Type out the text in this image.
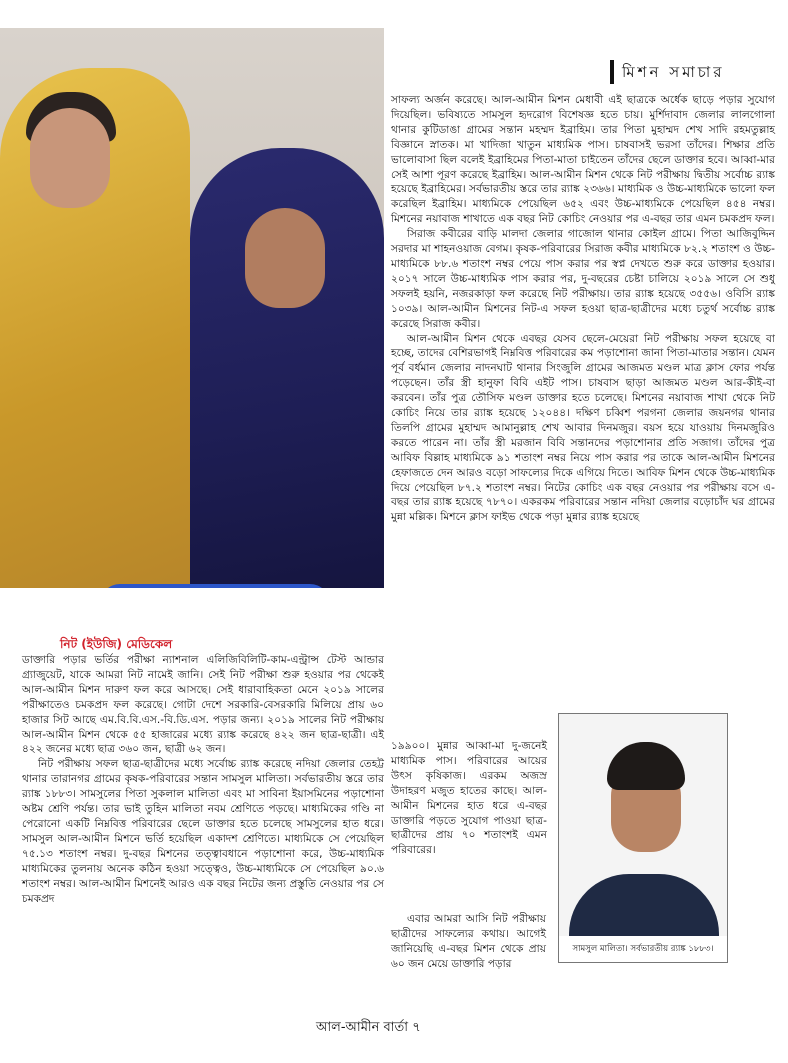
মিশন সমাচার

সাফল্য অর্জন করেছে। আল-আমীন মিশন মেধাবী এই ছাত্রকে অর্ধেক ছাড়ে পড়ার সুযোগ দিয়েছিল। ভবিষ্যতে সামসুল হৃদরোগ বিশেষজ্ঞ হতে চায়। মুর্শিদাবাদ জেলার লালগোলা থানার কুটিডাঙা গ্রামের সন্তান মহম্মদ ইব্রাহিম। তার পিতা মুহাম্মদ শেখ সাদি রহমতুল্লাহ বিজ্ঞানে স্নাতক। মা খাদিজা খাতুন মাধ্যমিক পাস। চাষবাসই ভরসা তাঁদের। শিক্ষার প্রতি ভালোবাসা ছিল বলেই ইব্রাহিমের পিতা-মাতা চাইতেন তাঁদের ছেলে ডাক্তার হবে। আব্বা-মার সেই আশা পূরণ করেছে ইব্রাহিম। আল-আমীন মিশন থেকে নিট পরীক্ষায় দ্বিতীয় সর্বোচ্চ র‍্যাঙ্ক হয়েছে ইব্রাহিমের। সর্বভারতীয় স্তরে তার র‍্যাঙ্ক ২৩৬৬। মাধ্যমিক ও উচ্চ-মাধ্যমিকে ভালো ফল করেছিল ইব্রাহিম। মাধ্যমিকে পেয়েছিল ৬৫২ এবং উচ্চ-মাধ্যমিকে পেয়েছিল ৪৫৪ নম্বর। মিশনের নয়াবাজ শাখাতে এক বছর নিট কোচিং নেওয়ার পর এ-বছর তার এমন চমকপ্রদ ফল।

সিরাজ কবীরের বাড়ি মালদা জেলার গাজোল থানার কোইল গ্রামে। পিতা আজিবুদ্দিন সরদার মা শাহনওয়াজ বেগম। কৃষক-পরিবারের সিরাজ কবীর মাধ্যমিকে ৮২.২ শতাংশ ও উচ্চ-মাধ্যমিকে ৮৮.৬ শতাংশ নম্বর পেয়ে পাস করার পর স্বপ্ন দেখতে শুরু করে ডাক্তার হওয়ার। ২০১৭ সালে উচ্চ-মাধ্যমিক পাস করার পর, দু-বছরের চেষ্টা চালিয়ে ২০১৯ সালে সে শুধু সফলই হয়নি, নজরকাড়া ফল করেছে নিট পরীক্ষায়। তার র‍্যাঙ্ক হয়েছে ৩৫৫৬। ওবিসি র‍্যাঙ্ক ১০৩৯। আল-আমীন মিশনের নিট-এ সফল হওয়া ছাত্র-ছাত্রীদের মধ্যে চতুর্থ সর্বোচ্চ র‍্যাঙ্ক করেছে সিরাজ কবীর।

আল-আমীন মিশন থেকে এবছর যেসব ছেলে-মেয়েরা নিট পরীক্ষায় সফল হয়েছে বা হচ্ছে, তাদের বেশিরভাগই নিম্নবিত্ত পরিবারের কম পড়াশোনা জানা পিতা-মাতার সন্তান। যেমন পূর্ব বর্ধমান জেলার নাদনঘাট থানার সিংজুলি গ্রামের আজমত মণ্ডল মাত্র ক্লাস ফোর পর্যন্ত পড়েছেন। তাঁর স্ত্রী হানুফা বিবি এইট পাস। চাষবাস ছাড়া আজমত মণ্ডল আর-কীই-বা করবেন। তাঁর পুত্র তৌসিফ মণ্ডল ডাক্তার হতে চলেছে। মিশনের নয়াবাজ শাখা থেকে নিট কোচিং নিয়ে তার র‍্যাঙ্ক হয়েছে ১২০৪৪। দক্ষিণ চব্বিশ পরগনা জেলার জয়নগর থানার তিলপি গ্রামের মুহাম্মদ আমানুল্লাহ শেখ আবার দিনমজুর। বয়স হয়ে যাওয়ায় দিনমজুরিও করতে পারেন না। তাঁর স্ত্রী মরজান বিবি সন্তানদের পড়াশোনার প্রতি সজাগ। তাঁদের পুত্র আবিফ বিল্লাহ মাধ্যমিকে ৯১ শতাংশ নম্বর নিয়ে পাস করার পর তাকে আল-আমীন মিশনের হেফাজতে দেন আরও বড়ো সাফল্যের দিকে এগিয়ে দিতে। আবিফ মিশন থেকে উচ্চ-মাধ্যমিক দিয়ে পেয়েছিল ৮৭.২ শতাংশ নম্বর। নিটের কোচিং এক বছর নেওয়ার পর পরীক্ষায় বসে এ-বছর তার র‍্যাঙ্ক হয়েছে ৭৮৭০। একরকম পরিবারের সন্তান নদিয়া জেলার বড়োচাঁদ ঘর গ্রামের মুন্না মল্লিক। মিশনে ক্লাস ফাইভ থেকে পড়া মুন্নার র‍্যাঙ্ক হয়েছে

নিট (ইউজি) মেডিকেল

ডাক্তারি পড়ার ভর্তির পরীক্ষা ন্যাশনাল এলিজিবিলিটি-কাম-এন্ট্রান্স টেস্ট আন্ডার গ্র্যাজুয়েট, যাকে আমরা নিট নামেই জানি। সেই নিট পরীক্ষা শুরু হওয়ার পর থেকেই আল-আমীন মিশন দারুণ ফল করে আসছে। সেই ধারাবাহিকতা মেনে ২০১৯ সালের পরীক্ষাতেও চমকপ্রদ ফল করেছে। গোটা দেশে সরকারি-বেসরকারি মিলিয়ে প্রায় ৬০ হাজার সিট আছে এম.বি.বি.এস.-বি.ডি.এস. পড়ার জন্য। ২০১৯ সালের নিট পরীক্ষায় আল-আমীন মিশন থেকে ৫৫ হাজারের মধ্যে র‍্যাঙ্ক করেছে ৪২২ জন ছাত্র-ছাত্রী। এই ৪২২ জনের মধ্যে ছাত্র ৩৬০ জন, ছাত্রী ৬২ জন।

নিট পরীক্ষায় সফল ছাত্র-ছাত্রীদের মধ্যে সর্বোচ্চ র‍্যাঙ্ক করেছে নদিয়া জেলার তেহট্ট থানার তারানগর গ্রামের কৃষক-পরিবারের সন্তান সামসুল মালিতা। সর্বভারতীয় স্তরে তার র‍্যাঙ্ক ১৮৮৩। সামসুলের পিতা সুকলাল মালিতা এবং মা সাবিনা ইয়াসমিনের পড়াশোনা অষ্টম শ্রেণি পর্যন্ত। তার ভাই তুহিন মালিতা নবম শ্রেণিতে পড়ছে। মাধ্যমিকের গণ্ডি না পেরোনো একটি নিম্নবিত্ত পরিবারের ছেলে ডাক্তার হতে চলেছে সামসুলের হাত ধরে। সামসুল আল-আমীন মিশনে ভর্তি হয়েছিল একাদশ শ্রেণিতে। মাধ্যমিকে সে পেয়েছিল ৭৫.১৩ শতাংশ নম্বর। দু-বছর মিশনের তত্ত্বাবধানে পড়াশোনা করে, উচ্চ-মাধ্যমিক মাধ্যমিকের তুলনায় অনেক কঠিন হওয়া সত্ত্বেও, উচ্চ-মাধ্যমিকে সে পেয়েছিল ৯০.৬ শতাংশ নম্বর। আল-আমীন মিশনেই আরও এক বছর নিটের জন্য প্রস্তুতি নেওয়ার পর সে চমকপ্রদ

১৯৯০০। মুন্নার আব্বা-মা দু-জনেই মাধ্যমিক পাস। পরিবারের আয়ের উৎস কৃষিকাজ। এরকম অজস্র উদাহরণ মজুত হাতের কাছে। আল-আমীন মিশনের হাত ধরে এ-বছর ডাক্তারি পড়তে সুযোগ পাওয়া ছাত্র-ছাত্রীদের প্রায় ৭০ শতাংশই এমন পরিবারের।

এবার আমরা আসি নিট পরীক্ষায় ছাত্রীদের সাফল্যের কথায়। আগেই জানিয়েছি এ-বছর মিশন থেকে প্রায় ৬০ জন মেয়ে ডাক্তারি পড়ার

সামসুল মালিতা। সর্বভারতীয় র‍্যাঙ্ক ১৮৮৩।
আল-আমীন বার্তা ৭
